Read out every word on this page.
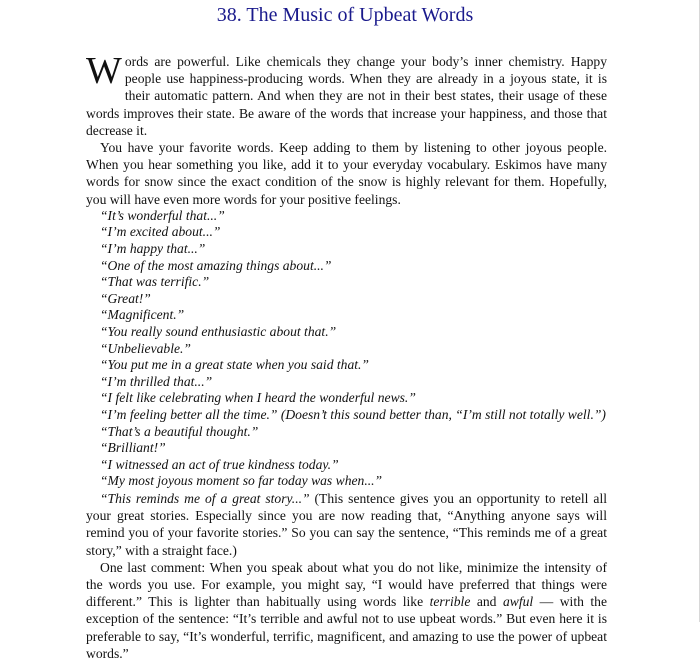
38. The Music of Upbeat Words

Words are powerful. Like chemicals they change your body’s inner chemistry. Happy people use happiness-producing words. When they are already in a joyous state, it is their automatic pattern. And when they are not in their best states, their usage of these words improves their state. Be aware of the words that increase your happiness, and those that decrease it.

You have your favorite words. Keep adding to them by listening to other joyous people. When you hear something you like, add it to your everyday vocabulary. Eskimos have many words for snow since the exact condition of the snow is highly relevant for them. Hopefully, you will have even more words for your positive feelings.

“It’s wonderful that...”

“I’m excited about...”

“I’m happy that...”

“One of the most amazing things about...”

“That was terrific.”

“Great!”

“Magnificent.”

“You really sound enthusiastic about that.”

“Unbelievable.”

“You put me in a great state when you said that.”

“I’m thrilled that...”

“I felt like celebrating when I heard the wonderful news.”

“I’m feeling better all the time.” (Doesn’t this sound better than, “I’m still not totally well.”)

“That’s a beautiful thought.”

“Brilliant!”

“I witnessed an act of true kindness today.”

“My most joyous moment so far today was when...”

“This reminds me of a great story...” (This sentence gives you an opportunity to retell all your great stories. Especially since you are now reading that, “Anything anyone says will remind you of your favorite stories.” So you can say the sentence, “This reminds me of a great story,” with a straight face.)

One last comment: When you speak about what you do not like, minimize the intensity of the words you use. For example, you might say, “I would have preferred that things were different.” This is lighter than habitually using words like terrible and awful — with the exception of the sentence: “It’s terrible and awful not to use upbeat words.” But even here it is preferable to say, “It’s wonderful, terrific, magnificent, and amazing to use the power of upbeat words.”
